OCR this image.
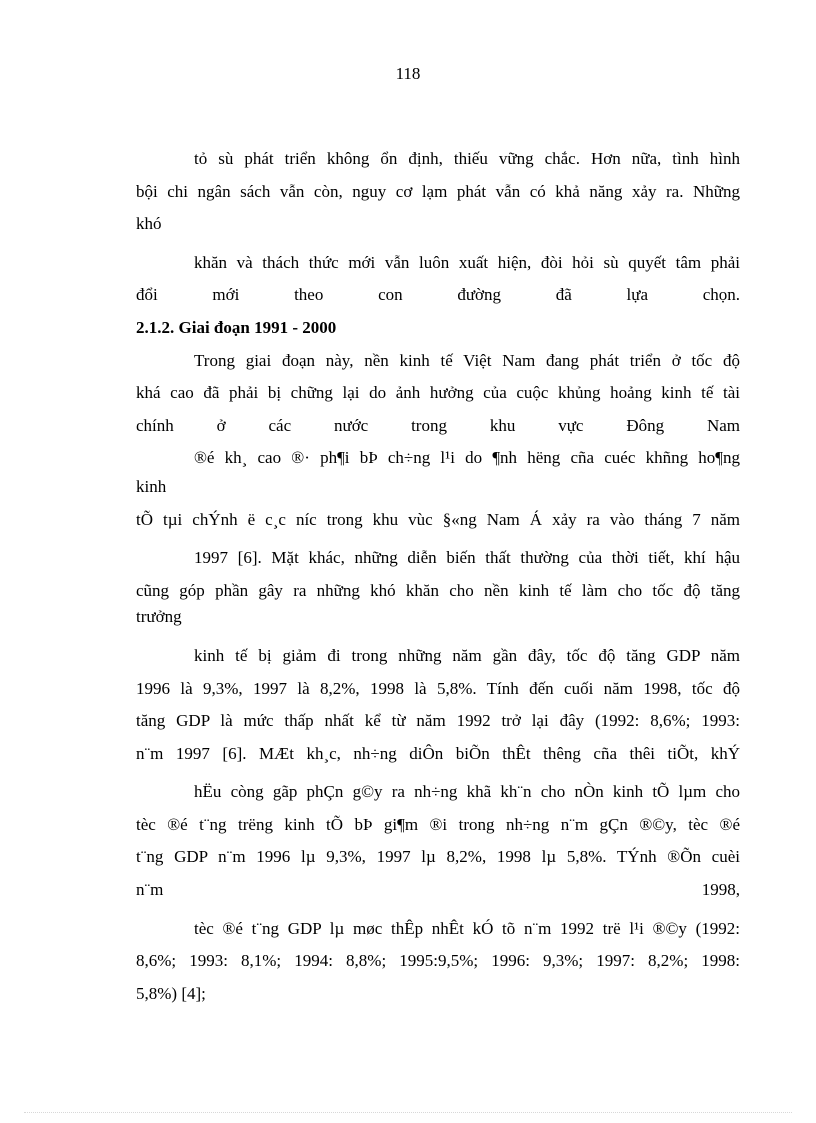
118

tỏ sù phát triển không ổn định, thiếu vững chắc. Hơn nữa, tình hình

bội chi ngân sách vẫn còn, nguy cơ lạm phát vẫn có khả năng xảy ra. Những

khó

khăn và thách thức mới vẫn luôn xuất hiện, đòi hỏi sù quyết tâm phải

đổi mới theo con đường đã lựa chọn.

2.1.2. Giai đoạn 1991 - 2000

Trong giai đoạn này, nền kinh tế Việt Nam đang phát triển ở tốc độ

khá cao đã phải bị chững lại do ảnh hưởng của cuộc khủng hoảng kinh tế tài

chính ở các nước trong khu vực Đông Nam

®é kh¸ cao ®· ph¶i bÞ ch÷ng l¹i do ¶nh hëng cña cuéc khñng ho¶ng

kinh

tÕ tµi chÝnh ë c¸c níc trong khu vùc §«ng Nam Á xảy ra vào tháng 7 năm

1997 [6]. Mặt khác, những diễn biến thất thường của thời tiết, khí hậu

cũng góp phần gây ra những khó khăn cho nền kinh tế làm cho tốc độ tăng

trưởng

kinh tế bị giảm đi trong những năm gần đây, tốc độ tăng GDP năm

1996 là 9,3%, 1997 là 8,2%, 1998 là 5,8%. Tính đến cuối năm 1998, tốc độ

tăng GDP là mức thấp nhất kể từ năm 1992 trở lại đây (1992: 8,6%; 1993:

n¨m 1997 [6]. MÆt kh¸c, nh÷ng diÔn biÕn thÊt thêng cña thêi tiÕt, khÝ

hËu còng gãp phÇn g©y ra nh÷ng khã kh¨n cho nÒn kinh tÕ lµm cho

tèc ®é t¨ng trëng kinh tÕ bÞ gi¶m ®i trong nh÷ng n¨m gÇn ®©y, tèc ®é

t¨ng GDP n¨m 1996 lµ 9,3%, 1997 lµ 8,2%, 1998 lµ 5,8%. TÝnh ®Õn cuèi

n¨m 1998,

tèc ®é t¨ng GDP lµ møc thÊp nhÊt kÓ tõ n¨m 1992 trë l¹i ®©y (1992:

8,6%; 1993: 8,1%; 1994: 8,8%; 1995:9,5%; 1996: 9,3%; 1997: 8,2%; 1998:

5,8%) [4];
